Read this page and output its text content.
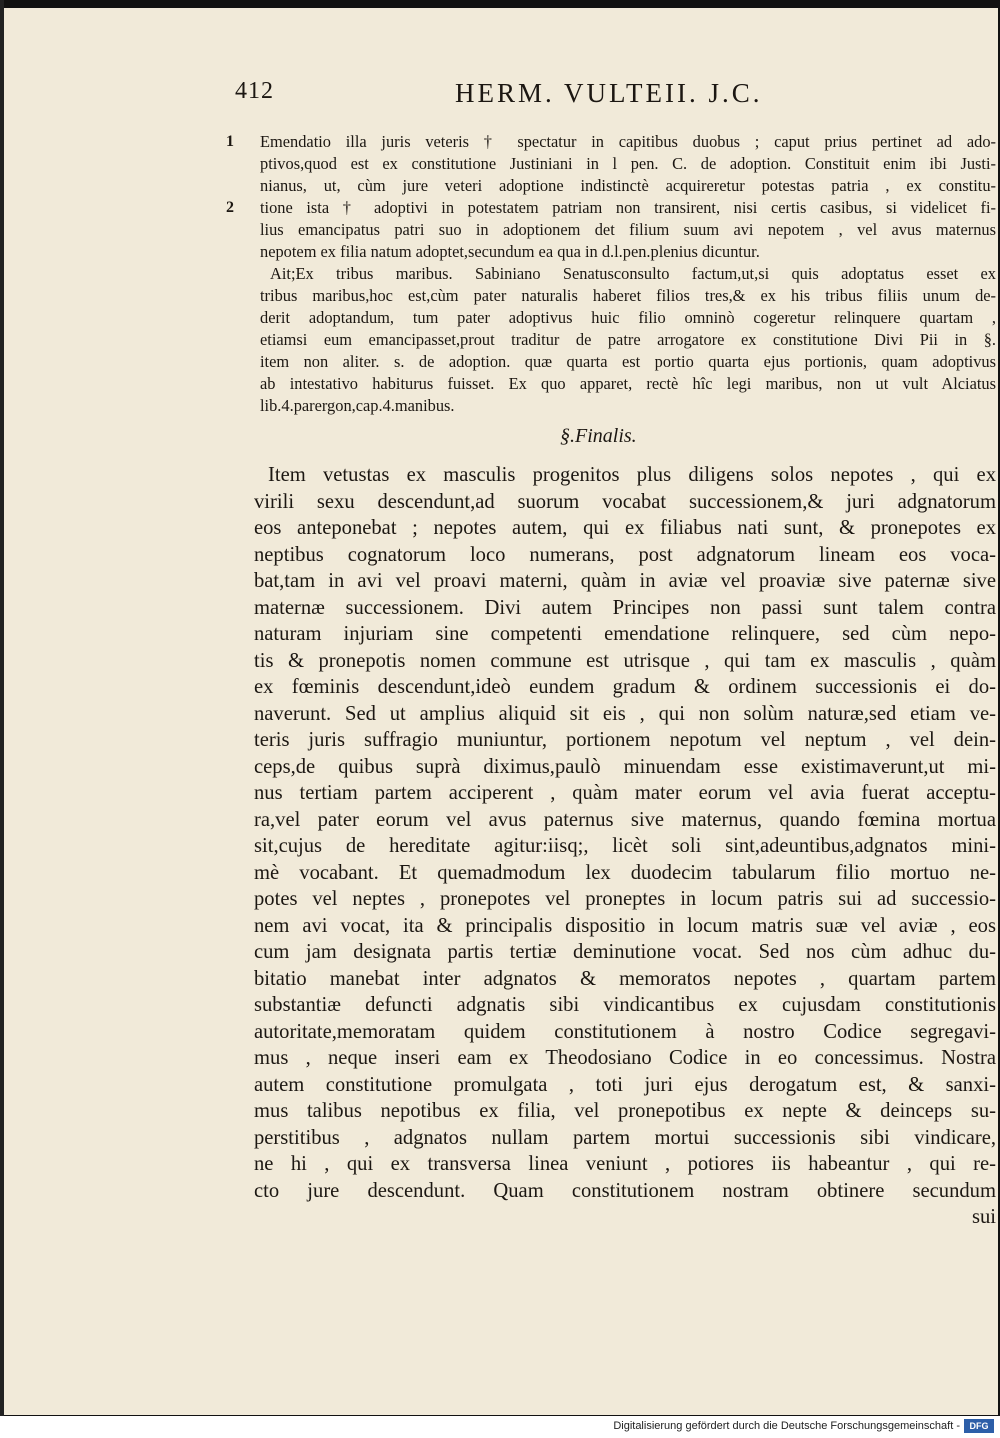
412	HERM. VULTEII. J.C.
1 Emendatio illa juris veteris † spectatur in capitibus duobus ; caput prius pertinet ad ado-
ptivos,quod est ex constitutione Justiniani in l pen. C. de adoption. Constituit enim ibi Justi-
nianus, ut, cùm jure veteri adoptione indistinctè acquireretur potestas patria , ex constitu-
2 tione ista † adoptivi in potestatem patriam non transirent, nisi certis casibus, si videlicet fi-
lius emancipatus patri suo in adoptionem det filium suum avi nepotem , vel avus maternus
nepotem ex filia natum adoptet,secundum ea qua in d.l.pen.plenius dicuntur.
Ait;Ex tribus maribus. Sabiniano Senatusconsulto factum,ut,si quis adoptatus esset ex
tribus maribus,hoc est,cùm pater naturalis haberet filios tres,& ex his tribus filiis unum de-
derit adoptandum, tum pater adoptivus huic filio omninò cogeretur relinquere quartam ,
etiamsi eum emancipasset,prout traditur de patre arrogatore ex constitutione Divi Pii in §.
item non aliter. s. de adoption. quæ quarta est portio quarta ejus portionis, quam adoptivus
ab intestativo habiturus fuisset. Ex quo apparet, rectè hîc legi maribus, non ut vult Alciatus
lib.4.parergon,cap.4.manibus.
§.Finalis.
Item vetustas ex masculis progenitos plus diligens solos nepotes , qui ex
virili sexu descendunt,ad suorum vocabat successionem,& juri adgnatorum
eos anteponebat ; nepotes autem, qui ex filiabus nati sunt, & pronepotes ex
neptibus cognatorum loco numerans, post adgnatorum lineam eos voca-
bat,tam in avi vel proavi materni, quàm in aviæ vel proaviæ sive paternæ sive
maternæ successionem. Divi autem Principes non passi sunt talem contra
naturam injuriam sine competenti emendatione relinquere, sed cùm nepo-
tis & pronepotis nomen commune est utrisque , qui tam ex masculis , quàm
ex fœminis descendunt,ideò eundem gradum & ordinem successionis ei do-
naverunt. Sed ut amplius aliquid sit eis , qui non solùm naturæ,sed etiam ve-
teris juris suffragio muniuntur, portionem nepotum vel neptum , vel dein-
ceps,de quibus suprà diximus,paulò minuendam esse existimaverunt,ut mi-
nus tertiam partem acciperent , quàm mater eorum vel avia fuerat acceptu-
ra,vel pater eorum vel avus paternus sive maternus, quando fœmina mortua
sit,cujus de hereditate agitur:iisq;, licèt soli sint,adeuntibus,adgnatos mini-
mè vocabant. Et quemadmodum lex duodecim tabularum filio mortuo ne-
potes vel neptes , pronepotes vel proneptes in locum patris sui ad successio-
nem avi vocat, ita & principalis dispositio in locum matris suæ vel aviæ , eos
cum jam designata partis tertiæ deminutione vocat. Sed nos cùm adhuc du-
bitatio manebat inter adgnatos & memoratos nepotes , quartam partem
substantiæ defuncti adgnatis sibi vindicantibus ex cujusdam constitutionis
autoritate,memoratam quidem constitutionem à nostro Codice segregavi-
mus , neque inseri eam ex Theodosiano Codice in eo concessimus. Nostra
autem constitutione promulgata , toti juri ejus derogatum est, & sanxi-
mus talibus nepotibus ex filia, vel pronepotibus ex nepte & deinceps su-
perstitibus , adgnatos nullam partem mortui successionis sibi vindicare,
ne hi , qui ex transversa linea veniunt , potiores iis habeantur , qui re-
cto jure descendunt. Quam constitutionem nostram obtinere secundum
sui
Digitalisierung gefördert durch die Deutsche Forschungsgemeinschaft -	DFG
